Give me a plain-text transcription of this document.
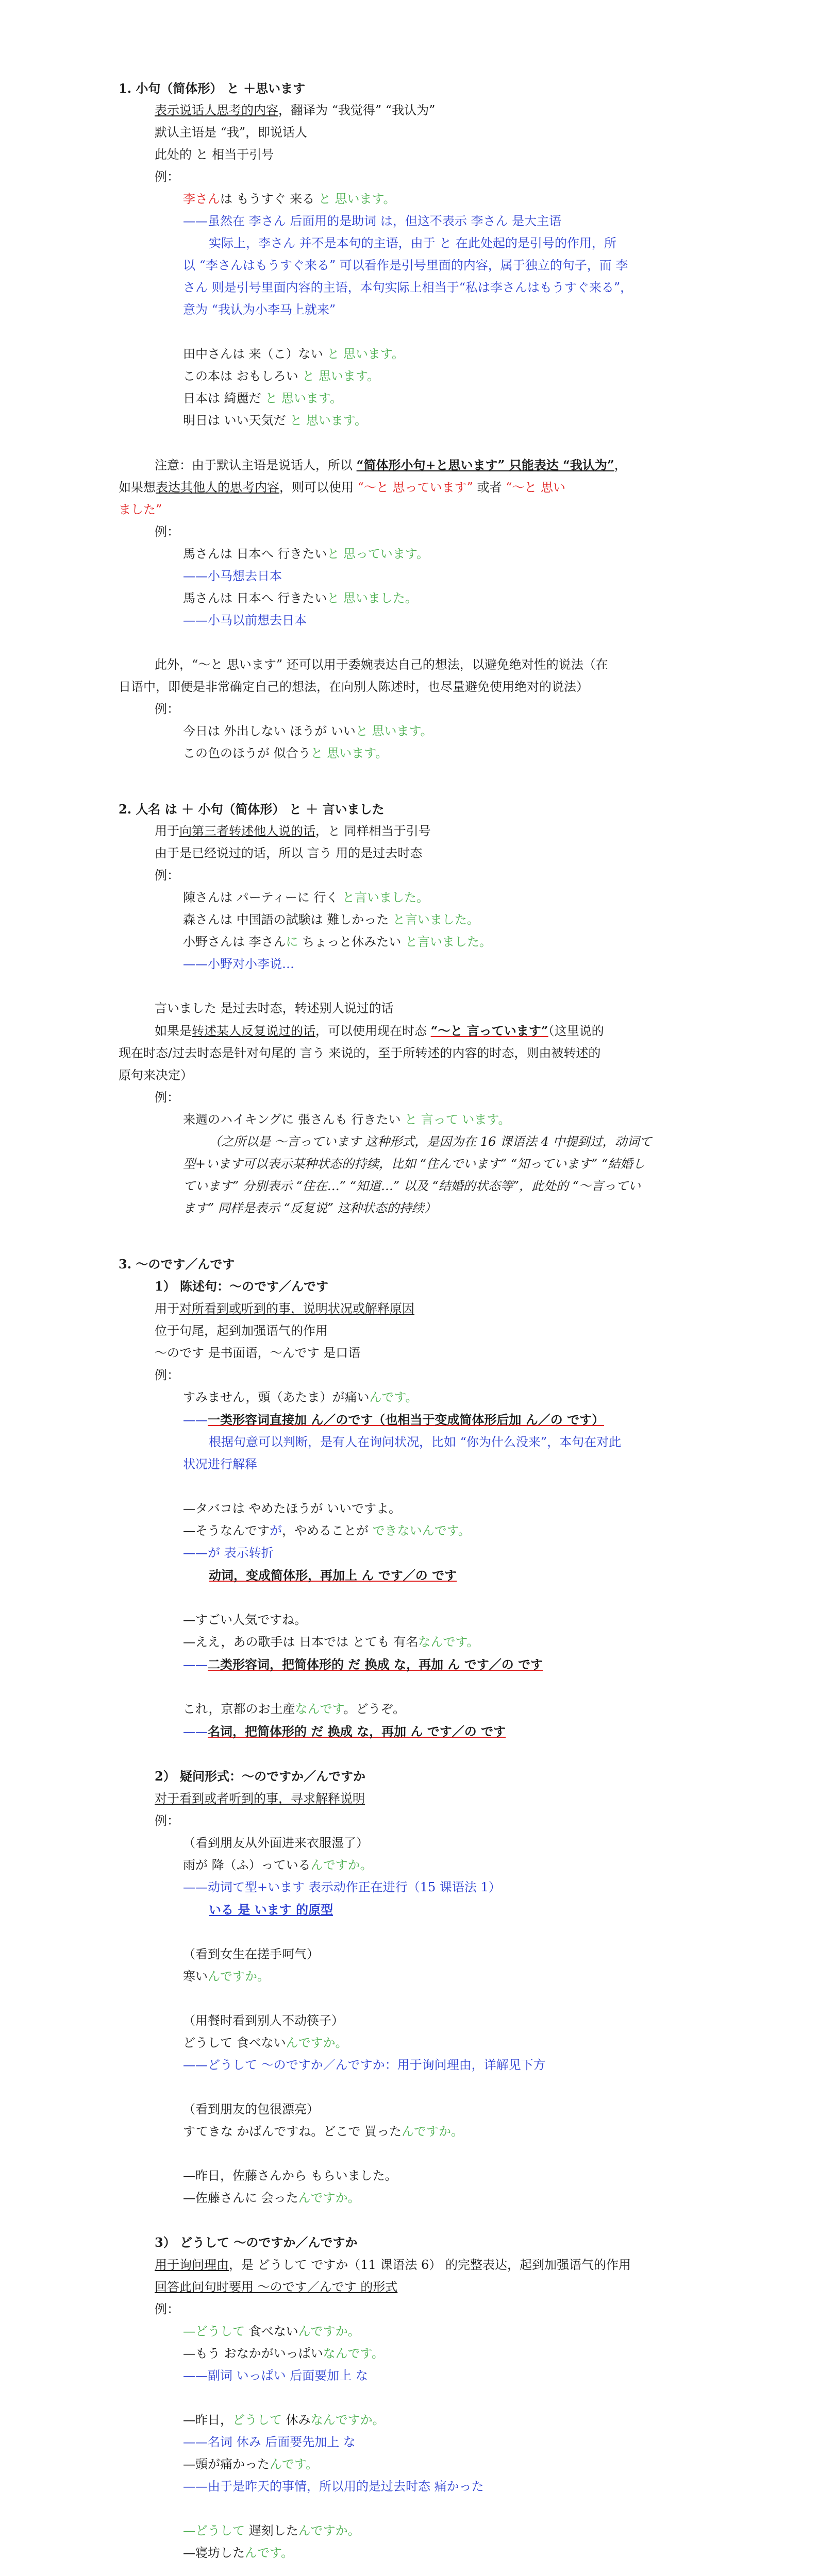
1. 小句（简体形） と ＋思います

表示说话人思考的内容，翻译为 “我觉得” “我认为”

默认主语是 “我”，即说话人

此处的 と 相当于引号

例：

李さんは もうすぐ 来る と 思います。

——虽然在 李さん 后面用的是助词 は，但这不表示 李さん 是大主语

实际上，李さん 并不是本句的主语，由于 と 在此处起的是引号的作用，所

以 “李さんはもうすぐ来る” 可以看作是引号里面的内容，属于独立的句子，而 李

さん 则是引号里面内容的主语，本句实际上相当于“私は李さんはもうすぐ来る”，

意为 “我认为小李马上就来”

田中さんは 来（こ）ない と 思います。

この本は おもしろい と 思います。

日本は 綺麗だ と 思います。

明日は いい天気だ と 思います。

注意：由于默认主语是说话人，所以 “简体形小句+と思います” 只能表达 “我认为”，

如果想表达其他人的思考内容，则可以使用 “～と 思っています” 或者 “～と 思い

ました”

例：

馬さんは 日本へ 行きたいと 思っています。

——小马想去日本

馬さんは 日本へ 行きたいと 思いました。

——小马以前想去日本

此外，“～と 思います” 还可以用于委婉表达自己的想法，以避免绝对性的说法（在

日语中，即便是非常确定自己的想法，在向别人陈述时，也尽量避免使用绝对的说法）

例：

今日は 外出しない ほうが いいと 思います。

この色のほうが 似合うと 思います。

2. 人名 は ＋ 小句（简体形） と ＋ 言いました

用于向第三者转述他人说的话，と 同样相当于引号

由于是已经说过的话，所以 言う 用的是过去时态

例：

陳さんは パーティーに 行く と言いました。

森さんは 中国語の試験は 難しかった と言いました。

小野さんは 李さんに ちょっと休みたい と言いました。

——小野对小李说…

言いました 是过去时态，转述别人说过的话

如果是转述某人反复说过的话，可以使用现在时态 “～と 言っています”（这里说的

现在时态/过去时态是针对句尾的 言う 来说的，至于所转述的内容的时态，则由被转述的

原句来决定）

例：

来週のハイキングに 張さんも 行きたい と 言って います。

（之所以是 ～言っています 这种形式，是因为在 16 课语法 4 中提到过，动词て

型+います可以表示某种状态的持续，比如 “住んでいます” “知っています” “結婚し

ています” 分别表示 “住在…” “知道…” 以及 “结婚的状态等”，此处的 “～言ってい

ます” 同样是表示 “反复说” 这种状态的持续）

3. ～のです／んです

1） 陈述句：～のです／んです

用于对所看到或听到的事，说明状况或解释原因

位于句尾，起到加强语气的作用

～のです 是书面语，～んです 是口语

例：

すみません，頭（あたま）が痛いんです。

——一类形容词直接加 ん／のです（也相当于变成简体形后加 ん／の です）

根据句意可以判断，是有人在询问状况，比如 “你为什么没来”，本句在对此

状况进行解释

—タバコは やめたほうが いいですよ。

—そうなんですが，やめることが できないんです。

——が 表示转折

动词，变成简体形，再加上 ん です／の です

—すごい人気ですね。

—ええ，あの歌手は 日本では とても 有名なんです。

——二类形容词，把简体形的 だ 换成 な，再加 ん です／の です

これ，京都のお土産なんです。どうぞ。

——名词，把简体形的 だ 换成 な，再加 ん です／の です

2） 疑问形式：～のですか／んですか

对于看到或者听到的事，寻求解释说明

例：

（看到朋友从外面进来衣服湿了）

雨が 降（ふ）っているんですか。

——动词て型+います 表示动作正在进行（15 课语法 1）

いる 是 います 的原型

（看到女生在搓手呵气）

寒いんですか。

（用餐时看到别人不动筷子）

どうして 食べないんですか。

——どうして ～のですか／んですか：用于询问理由，详解见下方

（看到朋友的包很漂亮）

すてきな かばんですね。どこで 買ったんですか。

—昨日，佐藤さんから もらいました。

—佐藤さんに 会ったんですか。

3） どうして ～のですか／んですか

用于询问理由，是 どうして ですか（11 课语法 6） 的完整表达，起到加强语气的作用

回答此问句时要用 ～のです／んです 的形式

例：

—どうして 食べないんですか。

—もう おなかがいっぱいなんです。

——副词 いっぱい 后面要加上 な

—昨日，どうして 休みなんですか。

——名词 休み 后面要先加上 な

—頭が痛かったんです。

——由于是昨天的事情，所以用的是过去时态 痛かった

—どうして 遅刻したんですか。

—寝坊したんです。
